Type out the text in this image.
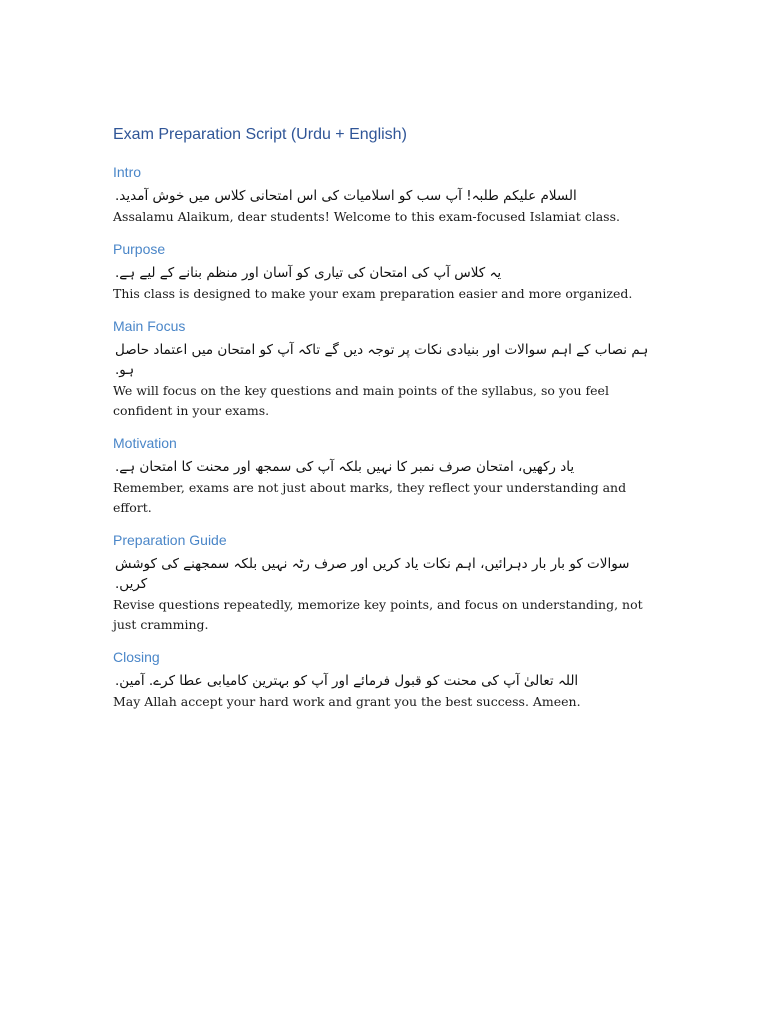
Exam Preparation Script (Urdu + English)
Intro
السلام علیکم طلبہ! آپ سب کو اسلامیات کی اس امتحانی کلاس میں خوش آمدید.
Assalamu Alaikum, dear students! Welcome to this exam-focused Islamiat class.
Purpose
یہ کلاس آپ کی امتحان کی تیاری کو آسان اور منظم بنانے کے لیے ہے.
This class is designed to make your exam preparation easier and more organized.
Main Focus
ہم نصاب کے اہم سوالات اور بنیادی نکات پر توجہ دیں گے تاکہ آپ کو امتحان میں اعتماد حاصل ہو.
We will focus on the key questions and main points of the syllabus, so you feel confident in your exams.
Motivation
یاد رکھیں، امتحان صرف نمبر کا نہیں بلکہ آپ کی سمجھ اور محنت کا امتحان ہے.
Remember, exams are not just about marks, they reflect your understanding and effort.
Preparation Guide
سوالات کو بار بار دہرائیں، اہم نکات یاد کریں اور صرف رٹہ نہیں بلکہ سمجھنے کی کوشش کریں.
Revise questions repeatedly, memorize key points, and focus on understanding, not just cramming.
Closing
اللہ تعالیٰ آپ کی محنت کو قبول فرمائے اور آپ کو بہترین کامیابی عطا کرے. آمین.
May Allah accept your hard work and grant you the best success. Ameen.
